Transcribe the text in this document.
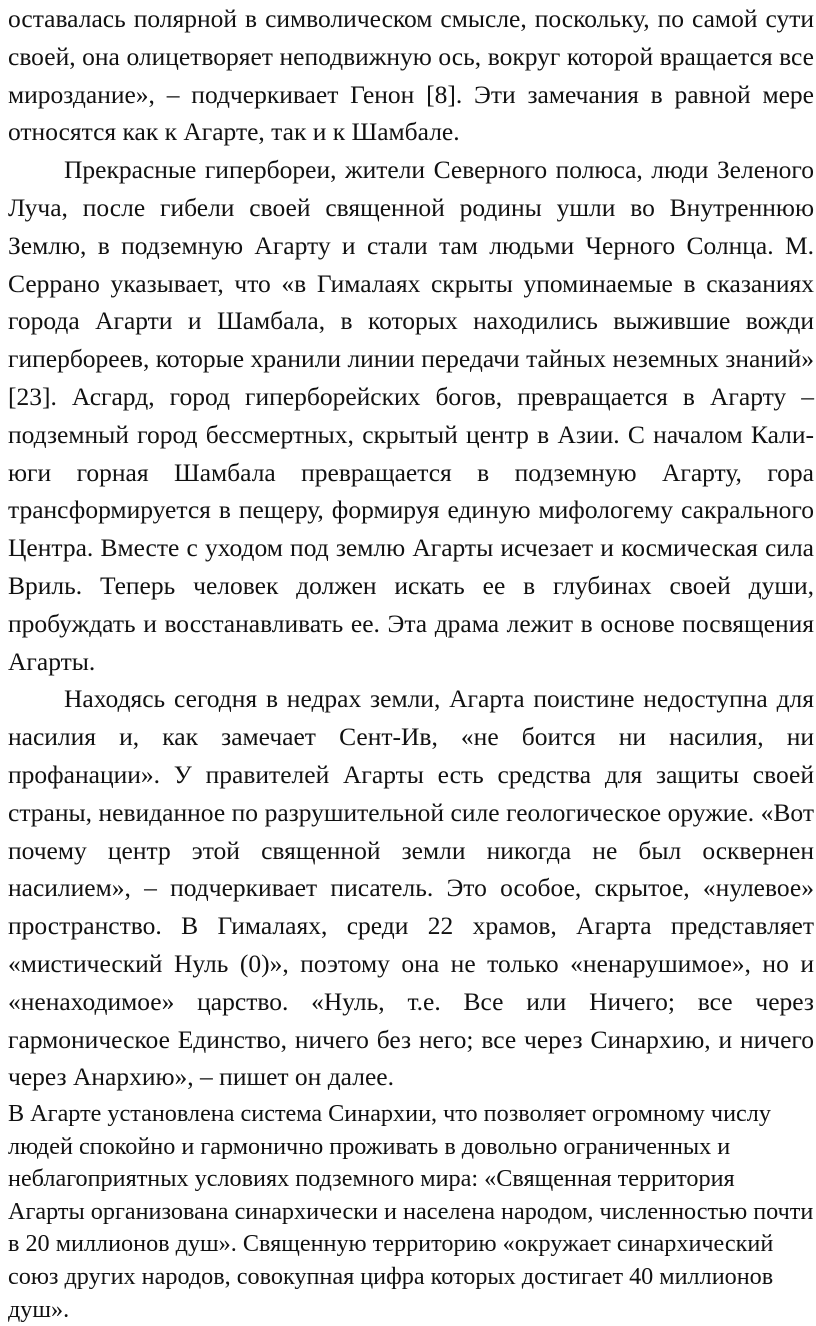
оставалась полярной в символическом смысле, поскольку, по самой сути своей, она олицетворяет неподвижную ось, вокруг которой вращается все мироздание», – подчеркивает Генон [8]. Эти замечания в равной мере относятся как к Агарте, так и к Шамбале.

Прекрасные гипербореи, жители Северного полюса, люди Зеленого Луча, после гибели своей священной родины ушли во Внутреннюю Землю, в подземную Агарту и стали там людьми Черного Солнца. М. Серрано указывает, что «в Гималаях скрыты упоминаемые в сказаниях города Агарти и Шамбала, в которых находились выжившие вожди гипербореев, которые хранили линии передачи тайных неземных знаний» [23]. Асгард, город гиперборейских богов, превращается в Агарту – подземный город бессмертных, скрытый центр в Азии. С началом Кали-юги горная Шамбала превращается в подземную Агарту, гора трансформируется в пещеру, формируя единую мифологему сакрального Центра. Вместе с уходом под землю Агарты исчезает и космическая сила Вриль. Теперь человек должен искать ее в глубинах своей души, пробуждать и восстанавливать ее. Эта драма лежит в основе посвящения Агарты.

Находясь сегодня в недрах земли, Агарта поистине недоступна для насилия и, как замечает Сент-Ив, «не боится ни насилия, ни профанации». У правителей Агарты есть средства для защиты своей страны, невиданное по разрушительной силе геологическое оружие. «Вот почему центр этой священной земли никогда не был осквернен насилием», – подчеркивает писатель. Это особое, скрытое, «нулевое» пространство. В Гималаях, среди 22 храмов, Агарта представляет «мистический Нуль (0)», поэтому она не только «ненарушимое», но и «ненаходимое» царство. «Нуль, т.е. Все или Ничего; все через гармоническое Единство, ничего без него; все через Синархию, и ничего через Анархию», – пишет он далее.

В Агарте установлена система Синархии, что позволяет огромному числу людей спокойно и гармонично проживать в довольно ограниченных и неблагоприятных условиях подземного мира: «Священная территория Агарты организована синархически и населена народом, численностью почти в 20 миллионов душ». Священную территорию «окружает синархический союз других народов, совокупная цифра которых достигает 40 миллионов душ».
